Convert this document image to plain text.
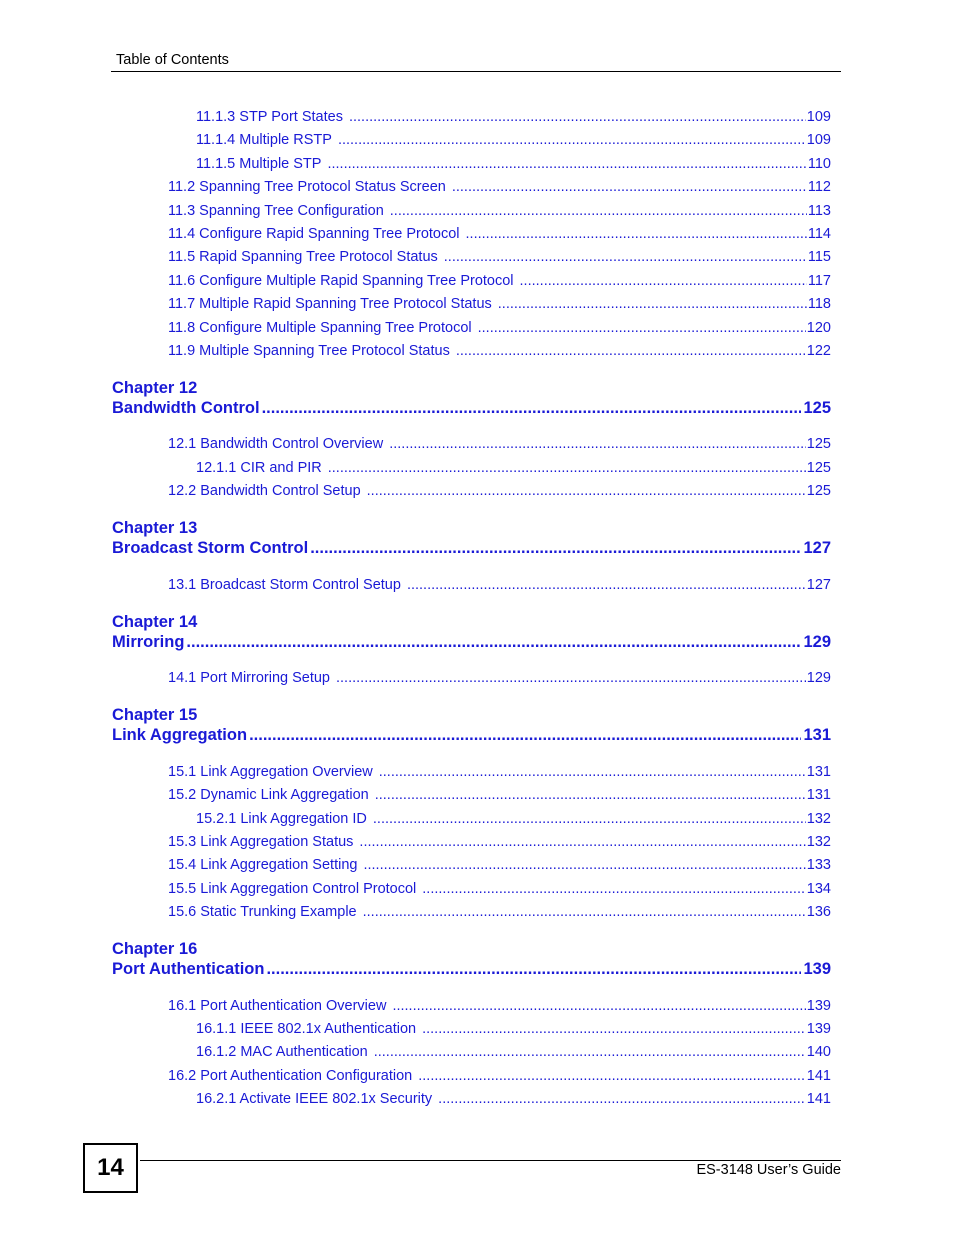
Table of Contents
11.1.3 STP Port States .....	109
11.1.4 Multiple RSTP .....	109
11.1.5 Multiple STP .....	110
11.2 Spanning Tree Protocol Status Screen .....	112
11.3 Spanning Tree Configuration .....	113
11.4 Configure Rapid Spanning Tree Protocol .....	114
11.5 Rapid Spanning Tree Protocol Status .....	115
11.6 Configure Multiple Rapid Spanning Tree Protocol .....	117
11.7 Multiple Rapid Spanning Tree Protocol Status .....	118
11.8 Configure Multiple Spanning Tree Protocol .....	120
11.9 Multiple Spanning Tree Protocol Status .....	122
Chapter 12
Bandwidth Control .....	125
12.1 Bandwidth Control Overview .....	125
12.1.1 CIR and PIR .....	125
12.2 Bandwidth Control Setup .....	125
Chapter 13
Broadcast Storm Control .....	127
13.1 Broadcast Storm Control Setup .....	127
Chapter 14
Mirroring .....	129
14.1 Port Mirroring Setup .....	129
Chapter 15
Link Aggregation .....	131
15.1 Link Aggregation Overview .....	131
15.2 Dynamic Link Aggregation .....	131
15.2.1 Link Aggregation ID .....	132
15.3 Link Aggregation Status .....	132
15.4 Link Aggregation Setting .....	133
15.5 Link Aggregation Control Protocol .....	134
15.6 Static Trunking Example .....	136
Chapter 16
Port Authentication .....	139
16.1 Port Authentication Overview .....	139
16.1.1 IEEE 802.1x Authentication .....	139
16.1.2 MAC Authentication .....	140
16.2 Port Authentication Configuration .....	141
16.2.1 Activate IEEE 802.1x Security .....	141
14	ES-3148 User’s Guide
